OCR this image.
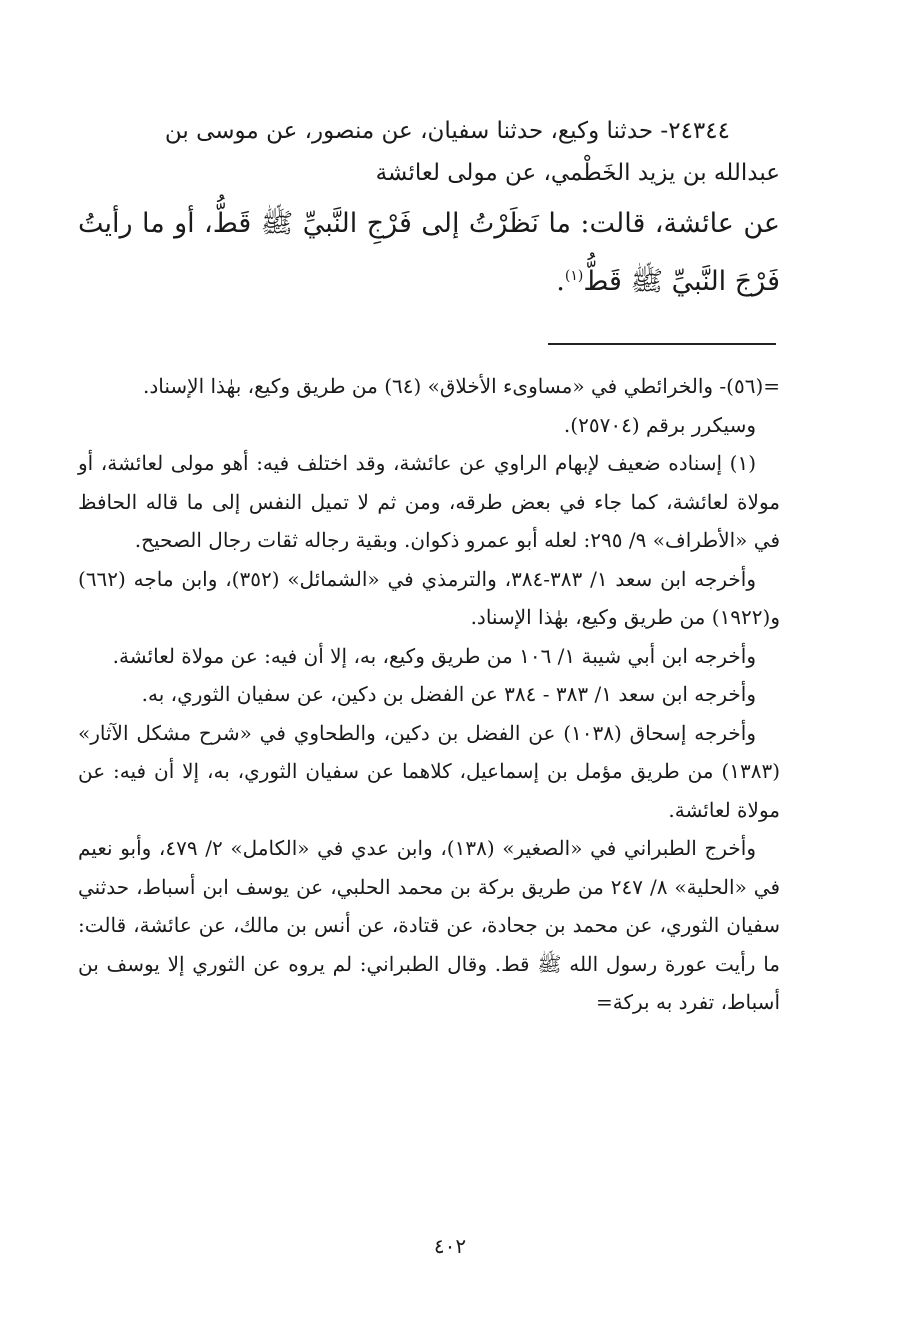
٢٤٣٤٤- حدثنا وكيع، حدثنا سفيان، عن منصور، عن موسى بن

عبدالله بن يزيد الخَطْمي، عن مولى لعائشة

عن عائشة، قالت: ما نَظَرْتُ إلى فَرْجِ النَّبيِّ ﷺ قَطُّ، أو ما رأيتُ فَرْجَ النَّبيِّ ﷺ قَطُّ$^{(١)}$.

=(٥٦)- والخرائطي في «مساوىء الأخلاق» (٦٤) من طريق وكيع، بهٰذا الإسناد.

وسيكرر برقم (٢٥٧٠٤).

(١) إسناده ضعيف لإبهام الراوي عن عائشة، وقد اختلف فيه: أهو مولى لعائشة، أو مولاة لعائشة، كما جاء في بعض طرقه، ومن ثم لا تميل النفس إلى ما قاله الحافظ في «الأطراف» ٩/ ٢٩٥: لعله أبو عمرو ذكوان. وبقية رجاله ثقات رجال الصحيح.

وأخرجه ابن سعد ١/ ٣٨٣-٣٨٤، والترمذي في «الشمائل» (٣٥٢)، وابن ماجه (٦٦٢) و(١٩٢٢) من طريق وكيع، بهٰذا الإسناد.

وأخرجه ابن أبي شيبة ١/ ١٠٦ من طريق وكيع، به، إلا أن فيه: عن مولاة لعائشة.

وأخرجه ابن سعد ١/ ٣٨٣ - ٣٨٤ عن الفضل بن دكين، عن سفيان الثوري، به.

وأخرجه إسحاق (١٠٣٨) عن الفضل بن دكين، والطحاوي في «شرح مشكل الآثار» (١٣٨٣) من طريق مؤمل بن إسماعيل، كلاهما عن سفيان الثوري، به، إلا أن فيه: عن مولاة لعائشة.

وأخرج الطبراني في «الصغير» (١٣٨)، وابن عدي في «الكامل» ٢/ ٤٧٩، وأبو نعيم في «الحلية» ٨/ ٢٤٧ من طريق بركة بن محمد الحلبي، عن يوسف ابن أسباط، حدثني سفيان الثوري، عن محمد بن جحادة، عن قتادة، عن أنس بن مالك، عن عائشة، قالت: ما رأيت عورة رسول الله ﷺ قط. وقال الطبراني: لم يروه عن الثوري إلا يوسف بن أسباط، تفرد به بركة=

٤٠٢
